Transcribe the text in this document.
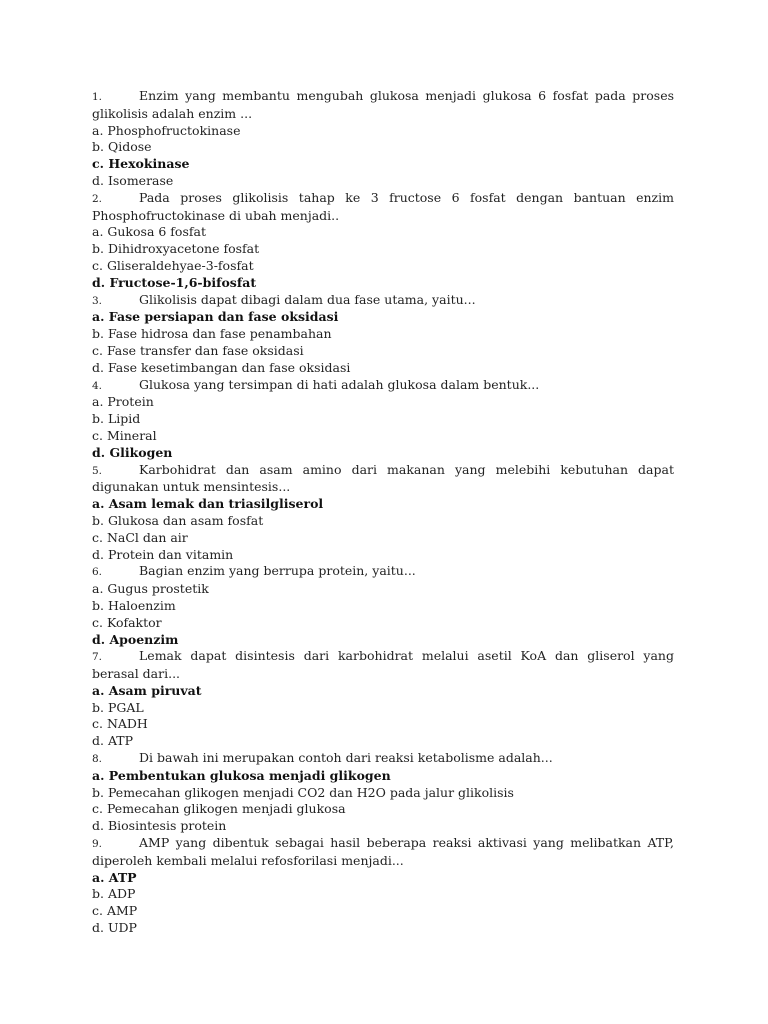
1.	Enzim yang membantu mengubah glukosa menjadi glukosa 6 fosfat pada proses glikolisis adalah enzim ...
a. Phosphofructokinase
b. Qidose
c. Hexokinase
d. Isomerase
2.	Pada proses glikolisis tahap ke 3 fructose 6 fosfat dengan bantuan enzim Phosphofructokinase di ubah menjadi..
a. Gukosa 6 fosfat
b. Dihidroxyacetone fosfat
c. Gliseraldehyae-3-fosfat
d. Fructose-1,6-bifosfat
3.	Glikolisis dapat dibagi dalam dua fase utama, yaitu...
a. Fase persiapan dan fase oksidasi
b. Fase hidrosa dan fase penambahan
c. Fase transfer dan fase oksidasi
d. Fase kesetimbangan dan fase oksidasi
4.	Glukosa yang tersimpan di hati adalah glukosa dalam bentuk...
a. Protein
b. Lipid
c. Mineral
d. Glikogen
5.	Karbohidrat dan asam amino dari makanan yang melebihi kebutuhan dapat digunakan untuk mensintesis...
a. Asam lemak dan triasilgliserol
b. Glukosa dan asam fosfat
c. NaCl dan air
d. Protein dan vitamin
6.	Bagian enzim yang berrupa protein, yaitu...
a. Gugus prostetik
b. Haloenzim
c. Kofaktor
d. Apoenzim
7.	Lemak dapat disintesis dari karbohidrat melalui asetil KoA dan gliserol yang berasal dari...
a. Asam piruvat
b. PGAL
c. NADH
d. ATP
8.	Di bawah ini merupakan contoh dari reaksi ketabolisme adalah...
a. Pembentukan glukosa menjadi glikogen
b. Pemecahan glikogen menjadi CO2 dan H2O pada jalur glikolisis
c. Pemecahan glikogen menjadi glukosa
d. Biosintesis protein
9.	AMP yang dibentuk sebagai hasil beberapa reaksi aktivasi yang melibatkan ATP, diperoleh kembali melalui refosforilasi menjadi...
a. ATP
b. ADP
c. AMP
d. UDP
